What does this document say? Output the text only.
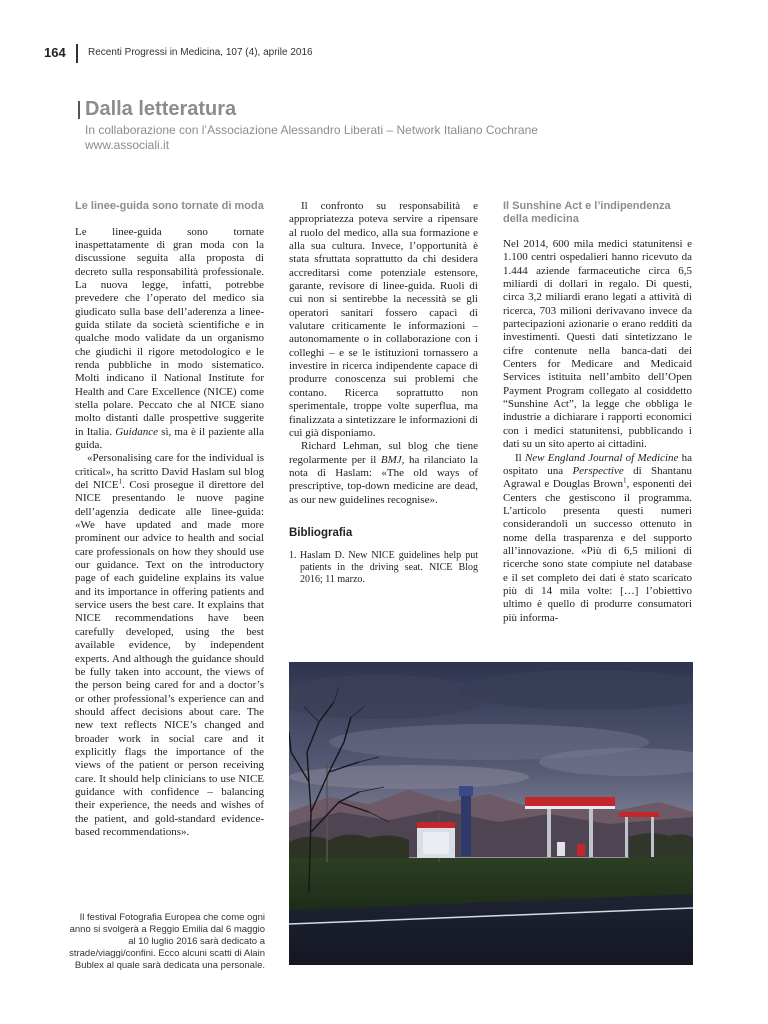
164 Recenti Progressi in Medicina, 107 (4), aprile 2016
Dalla letteratura
In collaborazione con l’Associazione Alessandro Liberati – Network Italiano Cochrane
www.associali.it
Le linee-guida sono tornate di moda

Le linee-guida sono tornate inaspettatamente di gran moda con la discussione seguita alla proposta di decreto sulla responsabilità professionale. La nuova legge, infatti, potrebbe prevedere che l’operato del medico sia giudicato sulla base dell’aderenza a linee-guida stilate da società scientifiche e in qualche modo validate da un organismo che giudichi il rigore metodologico e le renda pubbliche in modo sistematico. Molti indicano il National Institute for Health and Care Excellence (NICE) come stella polare. Peccato che al NICE siano molto distanti dalle prospettive suggerite in Italia. Guidance sì, ma è il paziente alla guida.

«Personalising care for the individual is critical», ha scritto David Haslam sul blog del NICE$^1$. Così prosegue il direttore del NICE presentando le nuove pagine dell’agenzia dedicate alle linee-guida: «We have updated and made more prominent our advice to health and social care professionals on how they should use our guidance. Text on the introductory page of each guideline explains its value and its importance in offering patients and service users the best care. It explains that NICE recommendations have been carefully developed, using the best available evidence, by independent experts. And although the guidance should be fully taken into account, the views of the person being cared for and a doctor’s or other professional’s experience can and should affect decisions about care. The new text reflects NICE’s changed and broader work in social care and it explicitly flags the importance of the views of the patient or person receiving care. It should help clinicians to use NICE guidance with confidence – balancing their experience, the needs and wishes of the patient, and gold-standard evidence-based recommendations».

Il confronto su responsabilità e appropriatezza poteva servire a ripensare al ruolo del medico, alla sua formazione e alla sua cultura. Invece, l’opportunità è stata sfruttata soprattutto da chi desidera accreditarsi come potenziale estensore, garante, revisore di linee-guida. Ruoli di cui non si sentirebbe la necessità se gli operatori sanitari fossero capaci di valutare criticamente le informazioni – autonomamente o in collaborazione con i colleghi – e se le istituzioni tornassero a investire in ricerca indipendente capace di produrre conoscenza sui problemi che contano. Ricerca soprattutto non sperimentale, troppe volte superflua, ma finalizzata a sintetizzare le informazioni di cui già disponiamo.

Richard Lehman, sul blog che tiene regolarmente per il BMJ, ha rilanciato la nota di Haslam: «The old ways of prescriptive, top-down medicine are dead, as our new guidelines recognise».

Bibliografia
1. Haslam D. New NICE guidelines help put patients in the driving seat. NICE Blog 2016; 11 marzo.
Il Sunshine Act e l’indipendenza della medicina

Nel 2014, 600 mila medici statunitensi e 1.100 centri ospedalieri hanno ricevuto da 1.444 aziende farmaceutiche circa 6,5 miliardi di dollari in regalo. Di questi, circa 3,2 miliardi erano legati a attività di ricerca, 703 milioni derivavano invece da partecipazioni azionarie o erano redditi da investimenti. Questi dati sintetizzano le cifre contenute nella banca-dati dei Centers for Medicare and Medicaid Services istituita nell’ambito dell’Open Payment Program collegato al cosiddetto “Sunshine Act”, la legge che obbliga le industrie a dichiarare i rapporti economici con i medici statunitensi, pubblicando i dati su un sito aperto ai cittadini.

Il New England Journal of Medicine ha ospitato una Perspective di Shantanu Agrawal e Douglas Brown$^1$, esponenti dei Centers che gestiscono il programma. L’articolo presenta questi numeri considerandoli un successo ottenuto in nome della trasparenza e del supporto all’innovazione. «Più di 6,5 milioni di ricerche sono state compiute nel database e il set completo dei dati è stato scaricato più di 14 mila volte: […] l’obiettivo ultimo è quello di produrre consumatori più informa-

Il festival Fotografia Europea che come ogni anno si svolgerà a Reggio Emilia dal 6 maggio al 10 luglio 2016 sarà dedicato a strade/viaggi/confini. Ecco alcuni scatti di Alain Bublex al quale sarà dedicata una personale.
